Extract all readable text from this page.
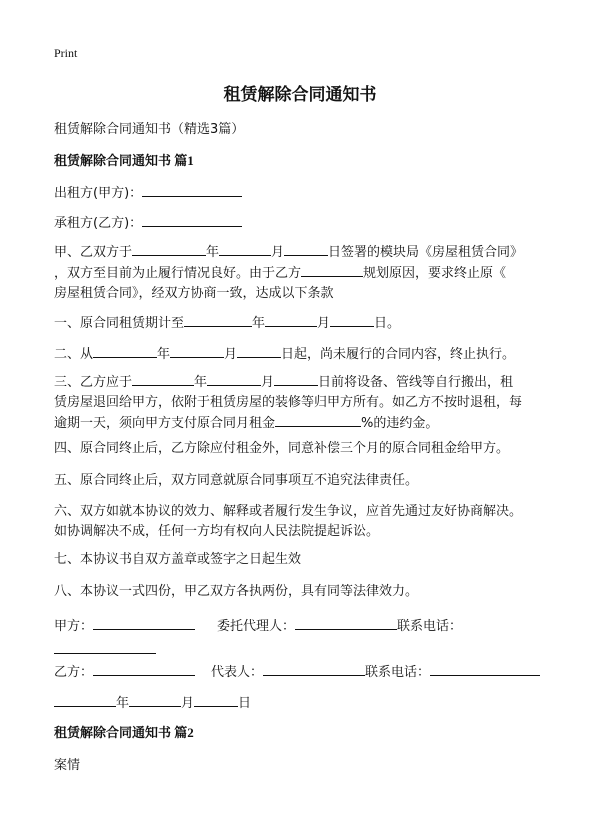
Print
租赁解除合同通知书
租赁解除合同通知书（精选3篇）
租赁解除合同通知书 篇1
出租方(甲方)：
承租方(乙方)：
甲、乙双方于	年	月	日签署的模块局《房屋租赁合同》
，双方至目前为止履行情况良好。由于乙方	规划原因，要求终止原《
房屋租赁合同》，经双方协商一致，达成以下条款
一、原合同租赁期计至	年	月	日。
二、从	年	月	日起，尚未履行的合同内容，终止执行。
三、乙方应于	年	月	日前将设备、管线等自行搬出，租
赁房屋退回给甲方，依附于租赁房屋的装修等归甲方所有。如乙方不按时退租，每
逾期一天，须向甲方支付原合同月租金	%的违约金。
四、原合同终止后，乙方除应付租金外，同意补偿三个月的原合同租金给甲方。
五、原合同终止后，双方同意就原合同事项互不追究法律责任。
六、双方如就本协议的效力、解释或者履行发生争议，应首先通过友好协商解决。
如协调解决不成，任何一方均有权向人民法院提起诉讼。
七、本协议书自双方盖章或签字之日起生效
八、本协议一式四份，甲乙双方各执两份，具有同等法律效力。
甲方：	委托代理人：	联系电话：
乙方：	代表人：	联系电话：
年	月	日
租赁解除合同通知书 篇2
案情
